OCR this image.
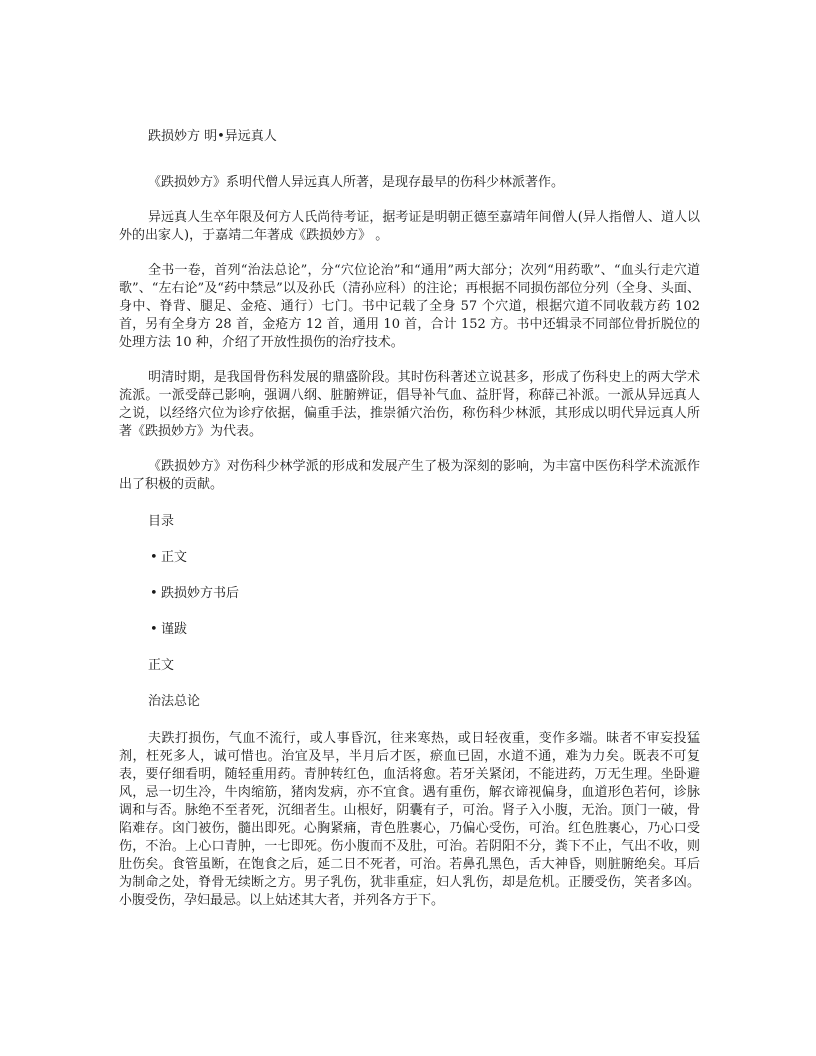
跌损妙方 明•异远真人

《跌损妙方》系明代僧人异远真人所著，是现存最早的伤科少林派著作。

异远真人生卒年限及何方人氏尚待考证，据考证是明朝正德至嘉靖年间僧人(异人指僧人、道人以外的出家人)，于嘉靖二年著成《跌损妙方》 。

全书一卷，首列“治法总论”，分“穴位论治”和“通用”两大部分；次列“用药歌”、“血头行走穴道歌”、“左右论”及“药中禁忌”以及孙氏（清孙应科）的注论；再根据不同损伤部位分列（全身、头面、身中、脊背、腿足、金疮、通行）七门。书中记载了全身 57 个穴道，根据穴道不同收载方药 102 首，另有全身方 28 首，金疮方 12 首，通用 10 首，合计 152 方。书中还辑录不同部位骨折脱位的处理方法 10 种，介绍了开放性损伤的治疗技术。

明清时期，是我国骨伤科发展的鼎盛阶段。其时伤科著述立说甚多，形成了伤科史上的两大学术流派。一派受薛己影响，强调八纲、脏腑辨证，倡导补气血、益肝肾，称薛己补派。一派从异远真人之说，以经络穴位为诊疗依据，偏重手法，推崇循穴治伤，称伤科少林派，其形成以明代异远真人所著《跌损妙方》为代表。

《跌损妙方》对伤科少林学派的形成和发展产生了极为深刻的影响，为丰富中医伤科学术流派作出了积极的贡献。

目录
• 正文
• 跌损妙方书后
• 谨跋
正文
治法总论

夫跌打损伤，气血不流行，或人事昏沉，往来寒热，或日轻夜重，变作多端。昧者不审妄投猛剂，枉死多人，诚可惜也。治宜及早，半月后才医，瘀血已固，水道不通，难为力矣。既表不可复表，要仔细看明，随轻重用药。青肿转红色，血活将愈。若牙关紧闭，不能进药，万无生理。坐卧避风，忌一切生冷，牛肉缩筋，猪肉发病，亦不宜食。遇有重伤，解衣谛视偏身，血道形色若何，诊脉调和与否。脉绝不至者死，沉细者生。山根好，阴囊有子，可治。肾子入小腹，无治。顶门一破，骨陷难存。囟门被伤，髓出即死。心胸紧痛，青色胜裹心，乃偏心受伤，可治。红色胜裹心，乃心口受伤，不治。上心口青肿，一七即死。伤小腹而不及肚，可治。若阴阳不分，粪下不止，气出不收，则肚伤矣。食管虽断，在饱食之后，延二日不死者，可治。若鼻孔黑色，舌大神昏，则脏腑绝矣。耳后为制命之处，脊骨无续断之方。男子乳伤，犹非重症，妇人乳伤，却是危机。正腰受伤，笑者多凶。小腹受伤，孕妇最忌。以上姑述其大者，并列各方于下。
